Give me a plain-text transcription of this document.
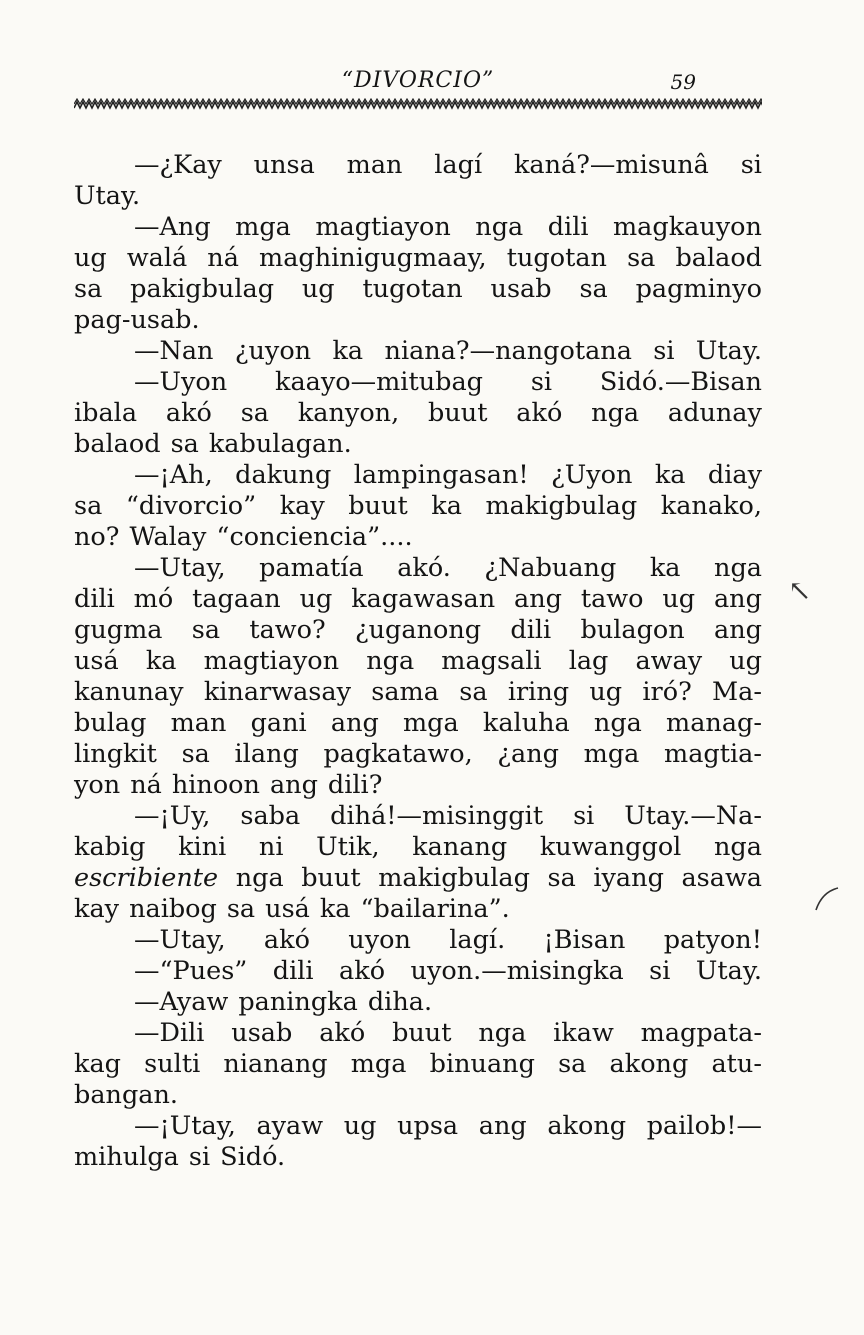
“DIVORCIO”	59
—¿Kay unsa man lagí kaná?—misunâ si
Utay.
—Ang mga magtiayon nga dili magkauyon
ug walá ná maghinigugmaay, tugotan sa balaod
sa pakigbulag ug tugotan usab sa pagminyo
pag-usab.
—Nan ¿uyon ka niana?—nangotana si Utay.
—Uyon kaayo—mitubag si Sidó.—Bisan
ibala akó sa kanyon, buut akó nga adunay
balaod sa kabulagan.
—¡Ah, dakung lampingasan! ¿Uyon ka diay
sa “divorcio” kay buut ka makigbulag kanako,
no? Walay “conciencia”....
—Utay, pamatía akó. ¿Nabuang ka nga
dili mó tagaan ug kagawasan ang tawo ug ang
gugma sa tawo? ¿uganong dili bulagon ang
usá ka magtiayon nga magsali lag away ug
kanunay kinarwasay sama sa iring ug iró? Ma-
bulag man gani ang mga kaluha nga manag-
lingkit sa ilang pagkatawo, ¿ang mga magtia-
yon ná hinoon ang dili?
—¡Uy, saba dihá!—misinggit si Utay.—Na-
kabig kini ni Utik, kanang kuwanggol nga
escribiente nga buut makigbulag sa iyang asawa
kay naibog sa usá ka “bailarina”.
—Utay, akó uyon lagí. ¡Bisan patyon!
—“Pues” dili akó uyon.—misingka si Utay.
—Ayaw paningka diha.
—Dili usab akó buut nga ikaw magpata-
kag sulti nianang mga binuang sa akong atu-
bangan.
—¡Utay, ayaw ug upsa ang akong pailob!—
mihulga si Sidó.
↖
